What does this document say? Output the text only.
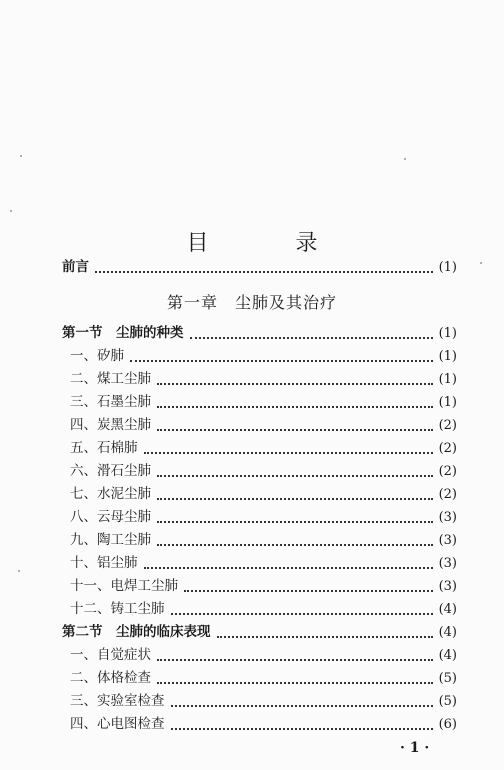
目 录
前言	(1)
第一节　尘肺的种类	(1)
一、矽肺	(1)
二、煤工尘肺	(1)
三、石墨尘肺	(1)
四、炭黑尘肺	(2)
五、石棉肺	(2)
六、滑石尘肺	(2)
七、水泥尘肺	(2)
八、云母尘肺	(3)
九、陶工尘肺	(3)
十、铝尘肺	(3)
十一、电焊工尘肺	(3)
十二、铸工尘肺	(4)
第二节　尘肺的临床表现	(4)
一、自觉症状	(4)
二、体格检查	(5)
三、实验室检查	(5)
四、心电图检查	(6)
第一章　尘肺及其治疗
· 1 ·
